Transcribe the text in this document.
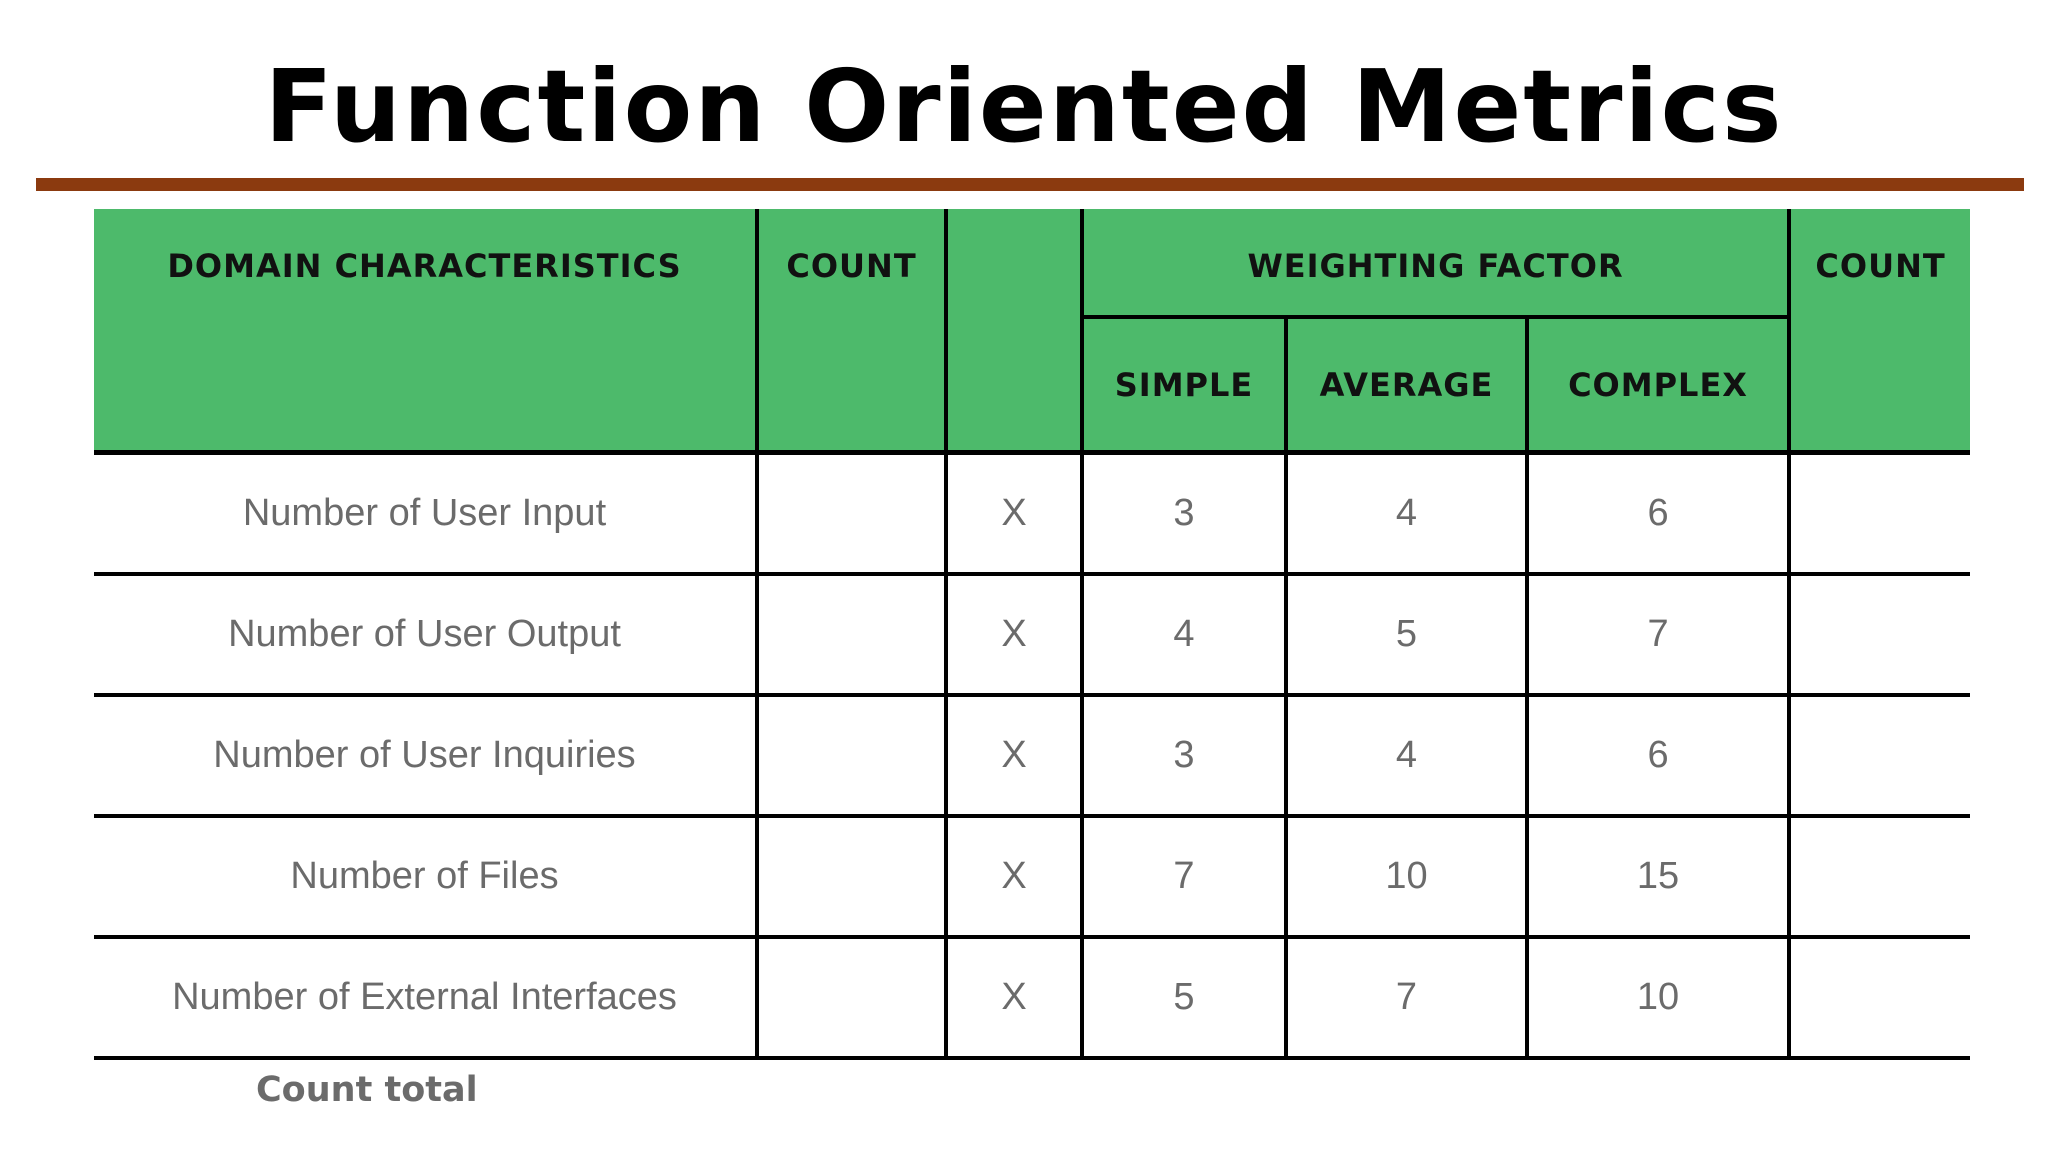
Function Oriented Metrics
DOMAIN CHARACTERISTICS	COUNT		WEIGHTING FACTOR			COUNT
			SIMPLE	AVERAGE	COMPLEX	
Number of User Input		X	3	4	6	
Number of User Output		X	4	5	7	
Number of User Inquiries		X	3	4	6	
Number of Files		X	7	10	15	
Number of External Interfaces		X	5	7	10	
Count total
